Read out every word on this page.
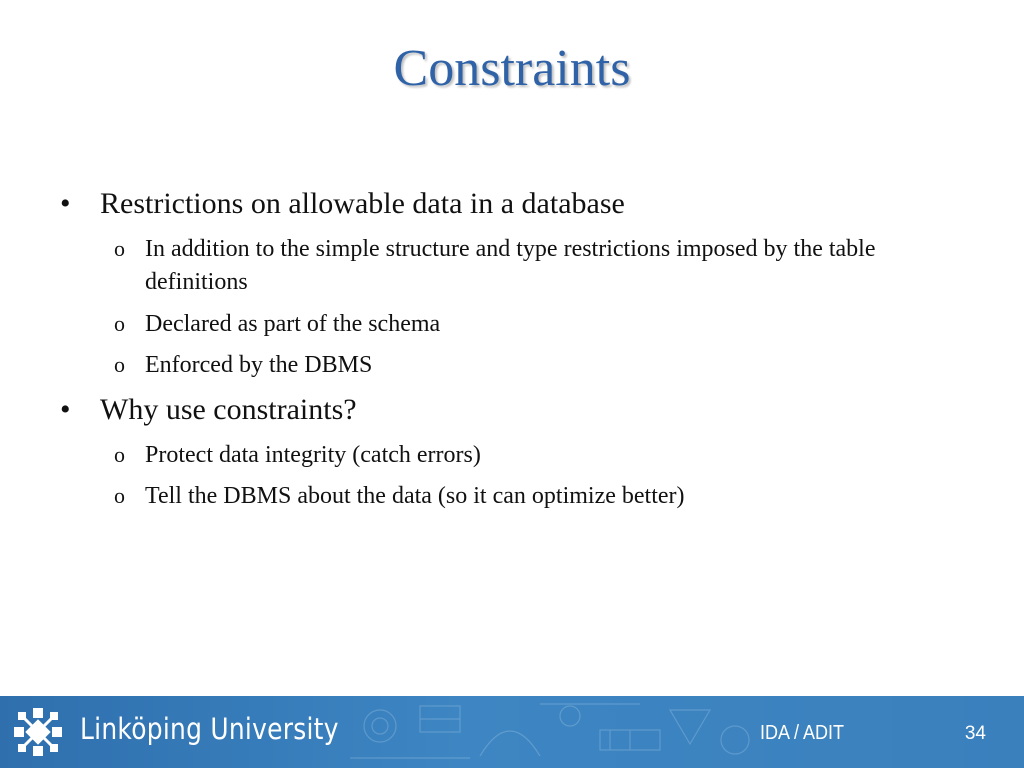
Constraints
• Restrictions on allowable data in a database
o In addition to the simple structure and type restrictions imposed by the table definitions
o Declared as part of the schema
o Enforced by the DBMS
• Why use constraints?
o Protect data integrity (catch errors)
o Tell the DBMS about the data (so it can optimize better)
Linköping University	IDA / ADIT	34
